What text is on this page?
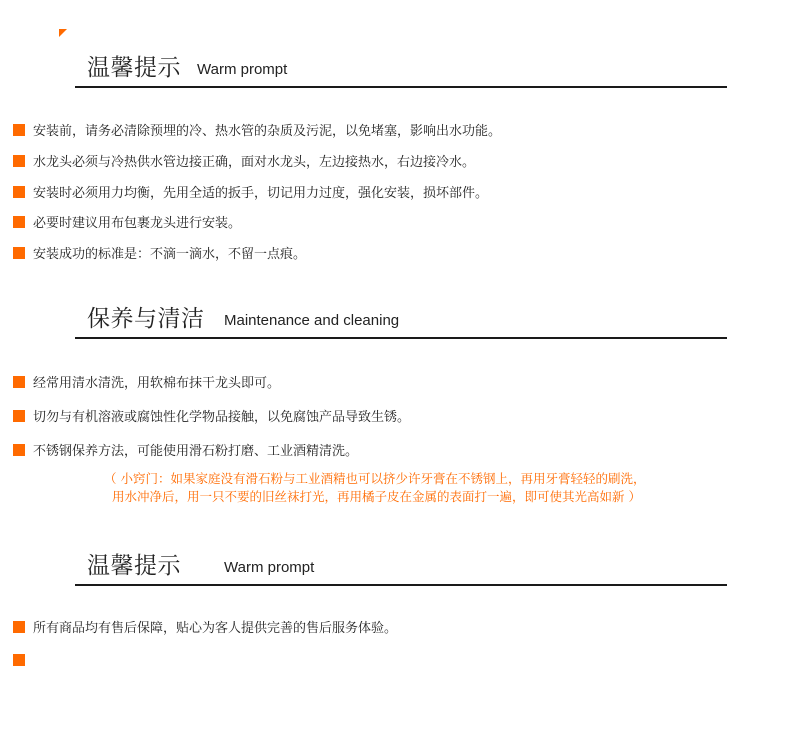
温馨提示 Warm prompt
安装前，请务必清除预埋的冷、热水管的杂质及污泥，以免堵塞，影响出水功能。
水龙头必须与冷热供水管边接正确，面对水龙头，左边接热水，右边接冷水。
安装时必须用力均衡，先用全适的扳手，切记用力过度，强化安装，损坏部件。
必要时建议用布包裹龙头进行安装。
安装成功的标准是：不滴一滴水，不留一点痕。
保养与清洁 Maintenance and cleaning
经常用清水清洗，用软棉布抹干龙头即可。
切勿与有机溶液或腐蚀性化学物品接触，以免腐蚀产品导致生锈。
不锈钢保养方法，可能使用滑石粉打磨、工业酒精清洗。
（ 小窍门：如果家庭没有滑石粉与工业酒精也可以挤少许牙膏在不锈钢上，再用牙膏轻轻的刷洗，
用水冲净后，用一只不要的旧丝袜打光，再用橘子皮在金属的表面打一遍，即可使其光高如新 ）
温馨提示	Warm prompt
所有商品均有售后保障，贴心为客人提供完善的售后服务体验。
